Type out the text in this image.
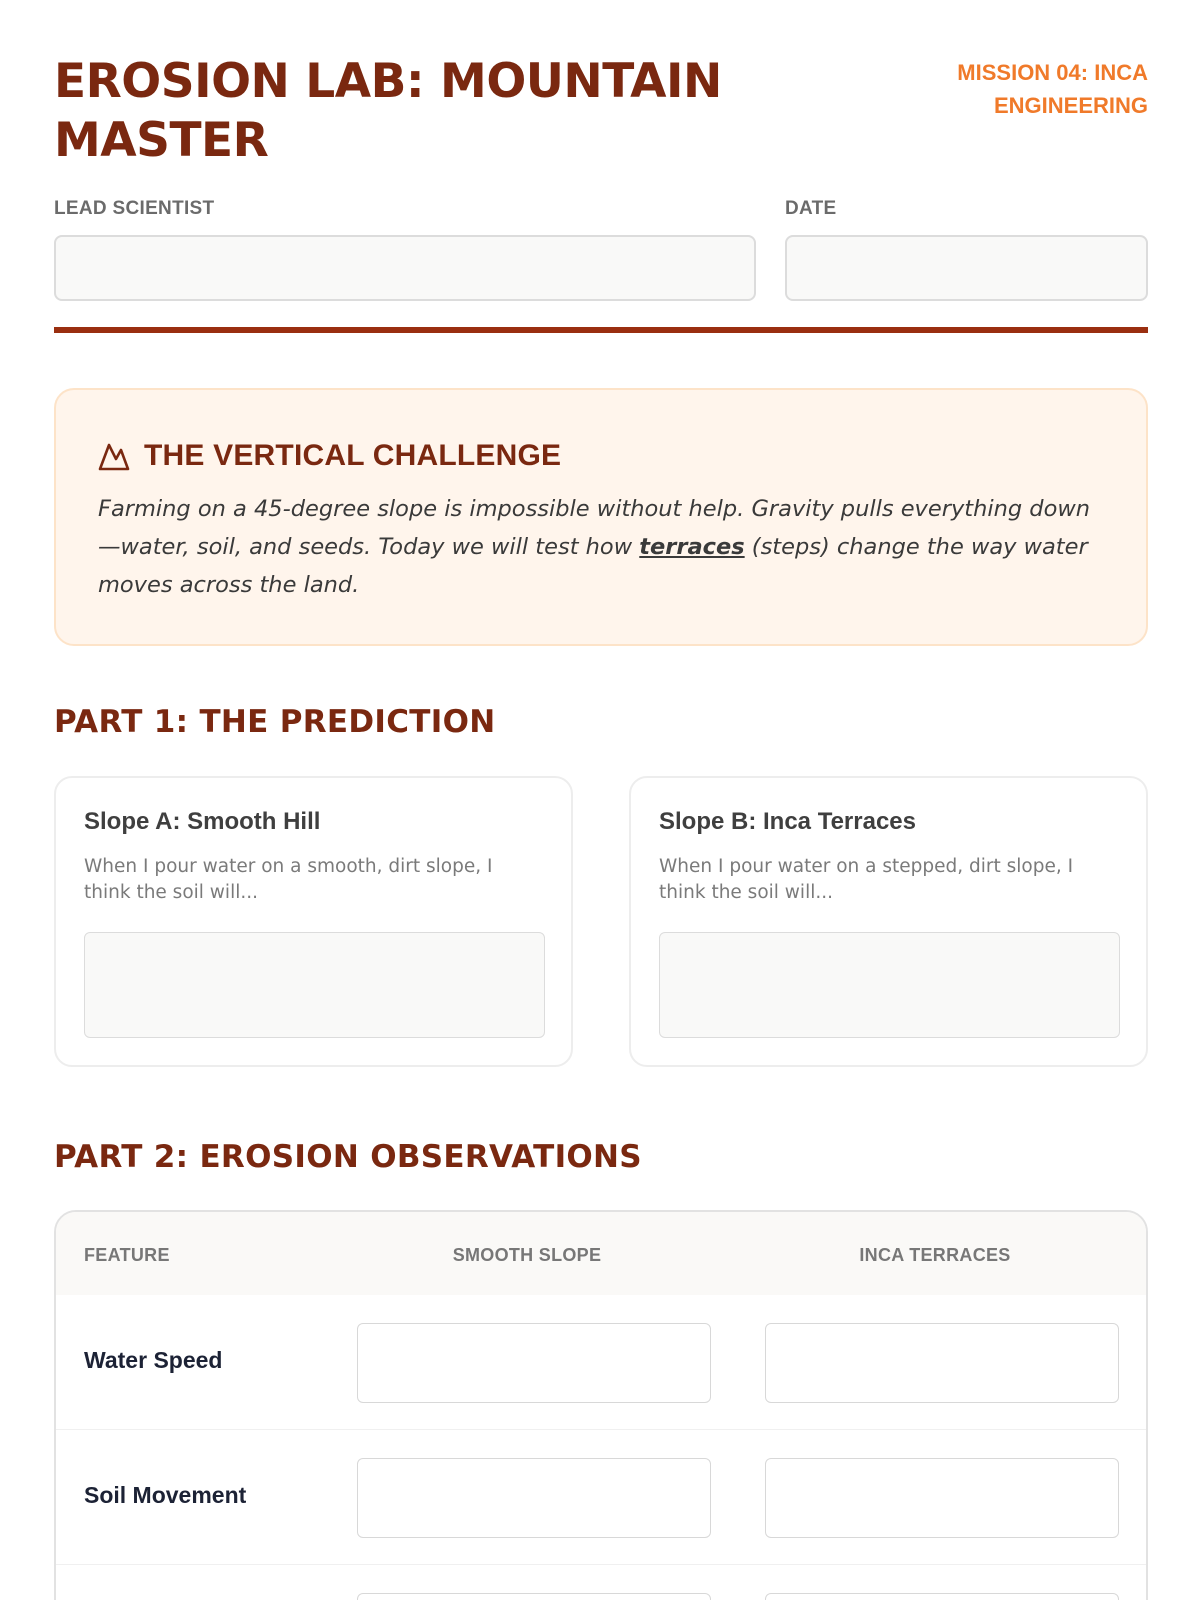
EROSION LAB: MOUNTAIN MASTER
MISSION 04: INCA ENGINEERING
LEAD SCIENTIST	DATE
THE VERTICAL CHALLENGE

Farming on a 45-degree slope is impossible without help. Gravity pulls everything down—water, soil, and seeds. Today we will test how terraces (steps) change the way water moves across the land.

PART 1: THE PREDICTION
Slope A: Smooth Hill
When I pour water on a smooth, dirt slope, I think the soil will...
Slope B: Inca Terraces
When I pour water on a stepped, dirt slope, I think the soil will...
PART 2: EROSION OBSERVATIONS
FEATURE	SMOOTH SLOPE	INCA TERRACES
Water Speed
Soil Movement
